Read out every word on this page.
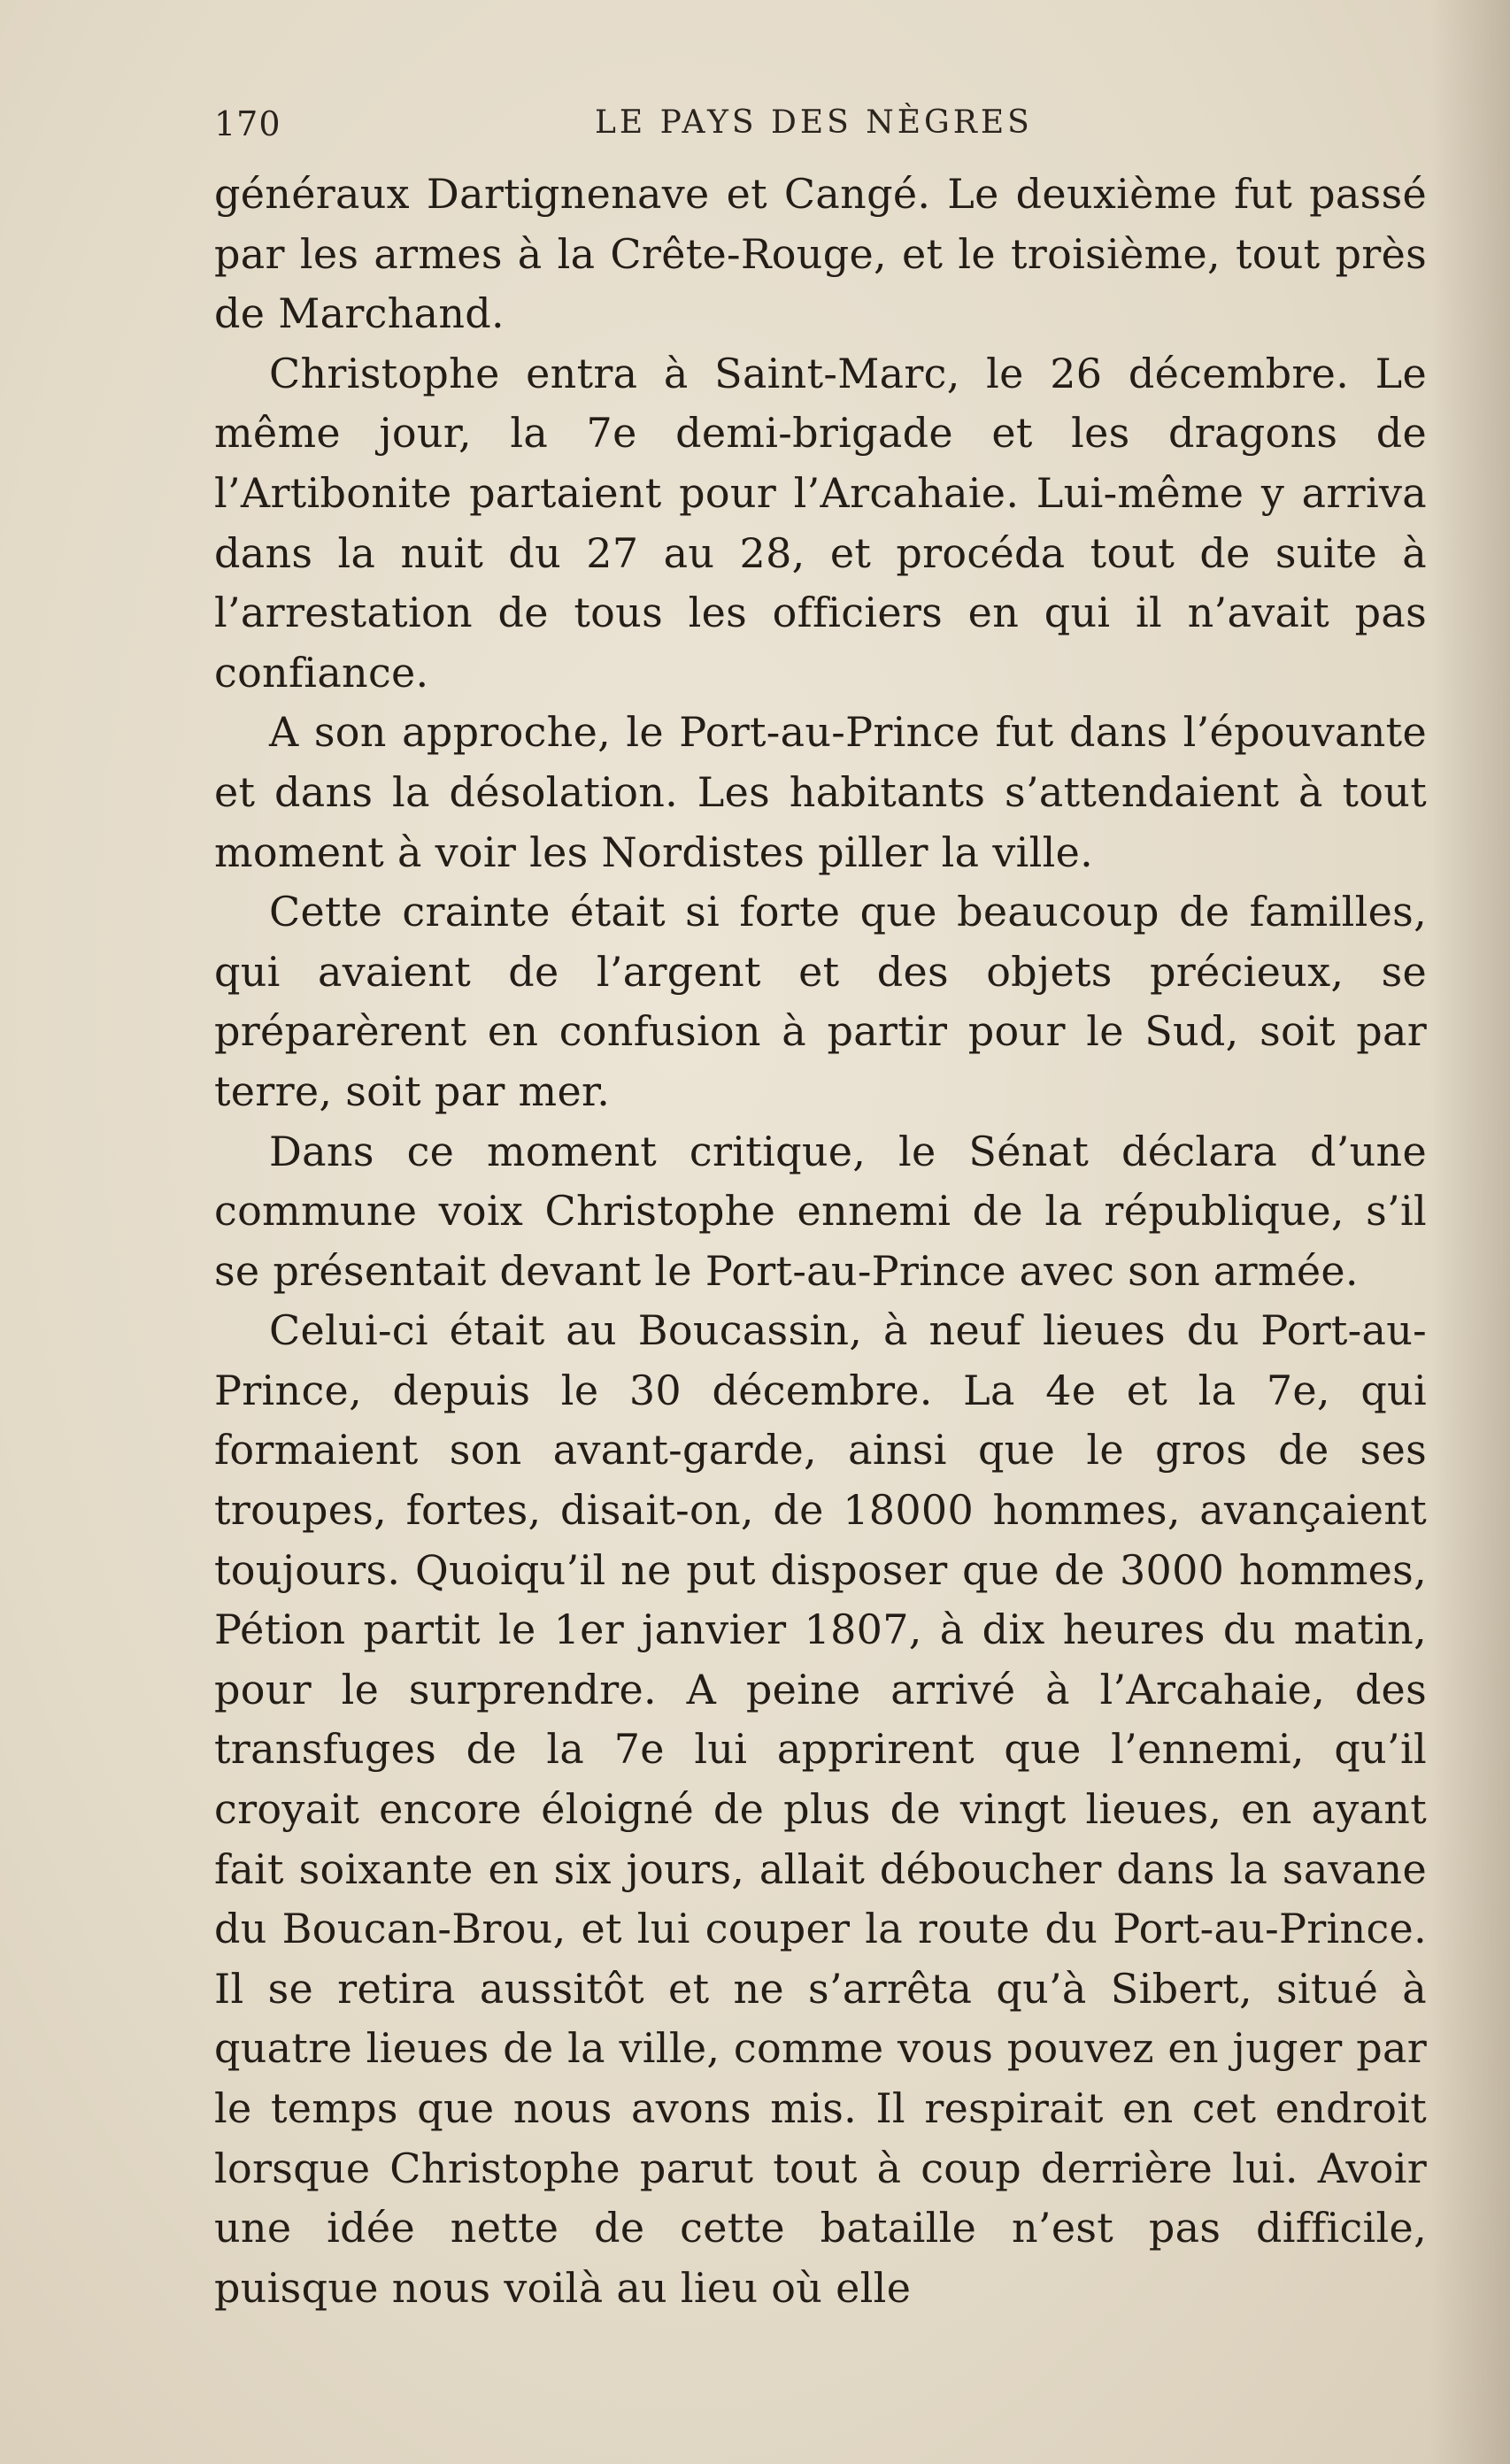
170	LE PAYS DES NÈGRES

généraux Dartignenave et Cangé. Le deuxième fut passé par les armes à la Crête-Rouge, et le troisième, tout près de Marchand.

Christophe entra à Saint-Marc, le 26 décembre. Le même jour, la 7e demi-brigade et les dragons de l’Artibonite partaient pour l’Arcahaie. Lui-même y arriva dans la nuit du 27 au 28, et procéda tout de suite à l’arrestation de tous les officiers en qui il n’avait pas confiance.

A son approche, le Port-au-Prince fut dans l’épouvante et dans la désolation. Les habitants s’attendaient à tout moment à voir les Nordistes piller la ville.

Cette crainte était si forte que beaucoup de familles, qui avaient de l’argent et des objets précieux, se préparèrent en confusion à partir pour le Sud, soit par terre, soit par mer.

Dans ce moment critique, le Sénat déclara d’une commune voix Christophe ennemi de la république, s’il se présentait devant le Port-au-Prince avec son armée.

Celui-ci était au Boucassin, à neuf lieues du Port-au-Prince, depuis le 30 décembre. La 4e et la 7e, qui formaient son avant-garde, ainsi que le gros de ses troupes, fortes, disait-on, de 18000 hommes, avançaient toujours. Quoiqu’il ne put disposer que de 3000 hommes, Pétion partit le 1er janvier 1807, à dix heures du matin, pour le surprendre. A peine arrivé à l’Arcahaie, des transfuges de la 7e lui apprirent que l’ennemi, qu’il croyait encore éloigné de plus de vingt lieues, en ayant fait soixante en six jours, allait déboucher dans la savane du Boucan-Brou, et lui couper la route du Port-au-Prince. Il se retira aussitôt et ne s’arrêta qu’à Sibert, situé à quatre lieues de la ville, comme vous pouvez en juger par le temps que nous avons mis. Il respirait en cet endroit lorsque Christophe parut tout à coup derrière lui. Avoir une idée nette de cette bataille n’est pas difficile, puisque nous voilà au lieu où elle
